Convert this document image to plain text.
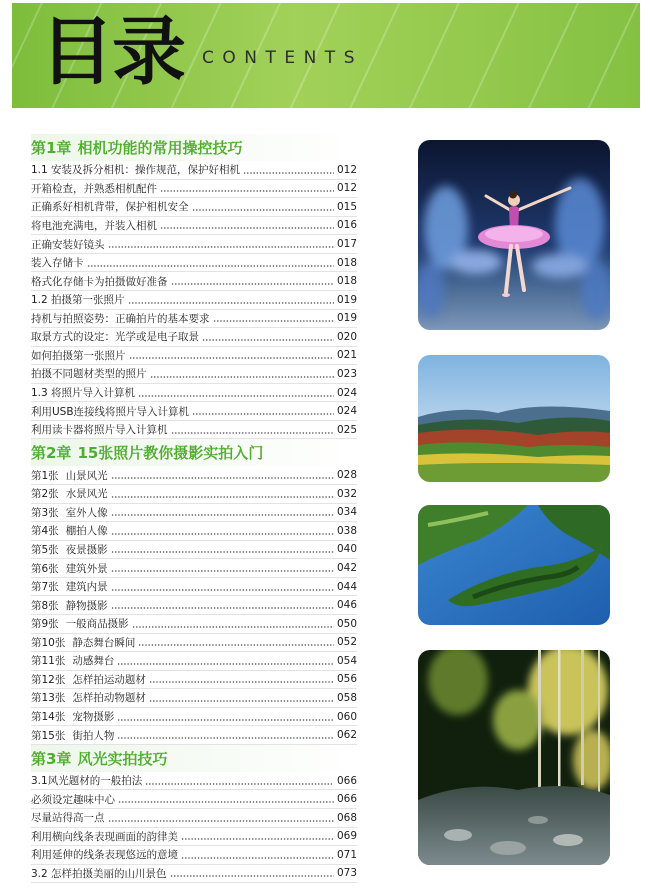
目录 CONTENTS
第1章 相机功能的常用操控技巧
1.1 安装及拆分相机：操作规范，保护好相机	012
开箱检查，并熟悉相机配件	012
正确系好相机背带，保护相机安全	015
将电池充满电，并装入相机	016
正确安装好镜头	017
装入存储卡	018
格式化存储卡为拍摄做好准备	018
1.2 拍摄第一张照片	019
持机与拍照姿势：正确拍片的基本要求	019
取景方式的设定：光学或是电子取景	020
如何拍摄第一张照片	021
拍摄不同题材类型的照片	023
1.3 将照片导入计算机	024
利用USB连接线将照片导入计算机	024
利用读卡器将照片导入计算机	025
第2章 15张照片教你摄影实拍入门
第1张 山景风光	028
第2张 水景风光	032
第3张 室外人像	034
第4张 棚拍人像	038
第5张 夜景摄影	040
第6张 建筑外景	042
第7张 建筑内景	044
第8张 静物摄影	046
第9张 一般商品摄影	050
第10张 静态舞台瞬间	052
第11张 动感舞台	054
第12张 怎样拍运动题材	056
第13张 怎样拍动物题材	058
第14张 宠物摄影	060
第15张 街拍人物	062
第3章 风光实拍技巧
3.1风光题材的一般拍法	066
必须设定趣味中心	066
尽量站得高一点	068
利用横向线条表现画面的韵律美	069
利用延伸的线条表现悠远的意境	071
3.2 怎样拍摄美丽的山川景色	073
